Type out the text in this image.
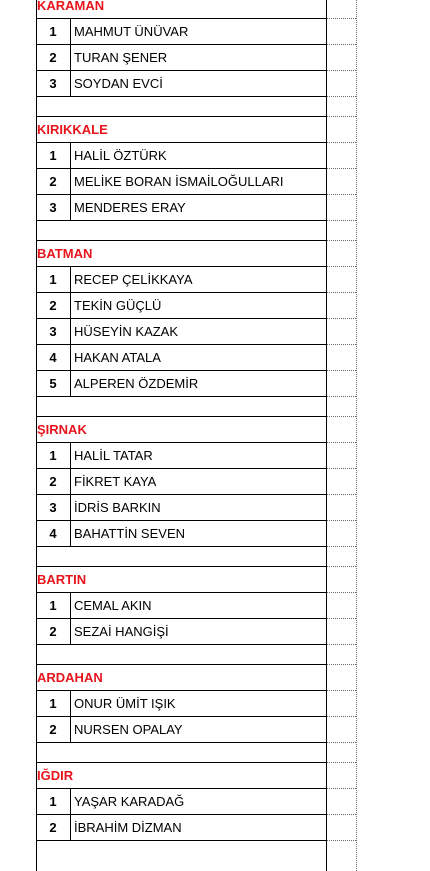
KARAMAN
1	MAHMUT ÜNÜVAR
2	TURAN ŞENER
3	SOYDAN EVCİ
KIRIKKALE
1	HALİL ÖZTÜRK
2	MELİKE BORAN İSMAİLOĞULLARI
3	MENDERES ERAY
BATMAN
1	RECEP ÇELİKKAYA
2	TEKİN GÜÇLÜ
3	HÜSEYİN KAZAK
4	HAKAN ATALA
5	ALPEREN ÖZDEMİR
ŞIRNAK
1	HALİL TATAR
2	FİKRET KAYA
3	İDRİS BARKIN
4	BAHATTİN SEVEN
BARTIN
1	CEMAL AKIN
2	SEZAİ HANGİŞİ
ARDAHAN
1	ONUR ÜMİT IŞIK
2	NURSEN OPALAY
IĞDIR
1	YAŞAR KARADAĞ
2	İBRAHİM DİZMAN
